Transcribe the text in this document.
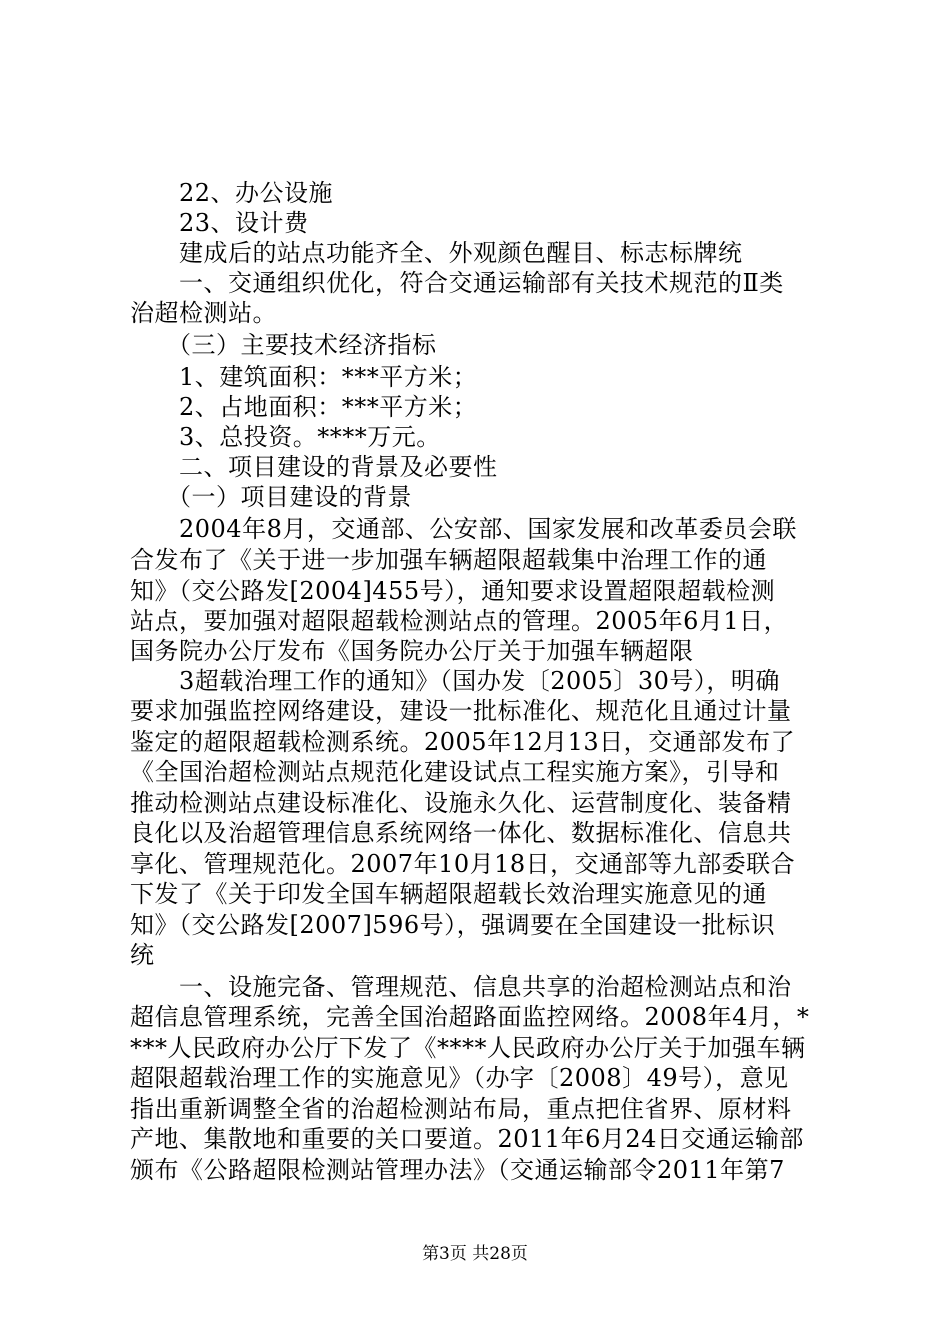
　　22、办公设施
　　23、设计费
　　建成后的站点功能齐全、外观颜色醒目、标志标牌统
　　一、交通组织优化，符合交通运输部有关技术规范的Ⅱ类
治超检测站。
　　（三）主要技术经济指标
　　1、建筑面积：***平方米；
　　2、占地面积：***平方米；
　　3、总投资。****万元。
　　二、项目建设的背景及必要性
　　（一）项目建设的背景
　　2004年8月，交通部、公安部、国家发展和改革委员会联
合发布了《关于进一步加强车辆超限超载集中治理工作的通
知》（交公路发[2004]455号），通知要求设置超限超载检测
站点，要加强对超限超载检测站点的管理。2005年6月1日，
国务院办公厅发布《国务院办公厅关于加强车辆超限
　　3超载治理工作的通知》（国办发〔2005〕30号），明确
要求加强监控网络建设，建设一批标准化、规范化且通过计量
鉴定的超限超载检测系统。2005年12月13日，交通部发布了
《全国治超检测站点规范化建设试点工程实施方案》，引导和
推动检测站点建设标准化、设施永久化、运营制度化、装备精
良化以及治超管理信息系统网络一体化、数据标准化、信息共
享化、管理规范化。2007年10月18日，交通部等九部委联合
下发了《关于印发全国车辆超限超载长效治理实施意见的通
知》（交公路发[2007]596号），强调要在全国建设一批标识
统
　　一、设施完备、管理规范、信息共享的治超检测站点和治
超信息管理系统，完善全国治超路面监控网络。2008年4月，*
***人民政府办公厅下发了《****人民政府办公厅关于加强车辆
超限超载治理工作的实施意见》（办字〔2008〕49号），意见
指出重新调整全省的治超检测站布局，重点把住省界、原材料
产地、集散地和重要的关口要道。2011年6月24日交通运输部
颁布《公路超限检测站管理办法》（交通运输部令2011年第7
第3页 共28页
